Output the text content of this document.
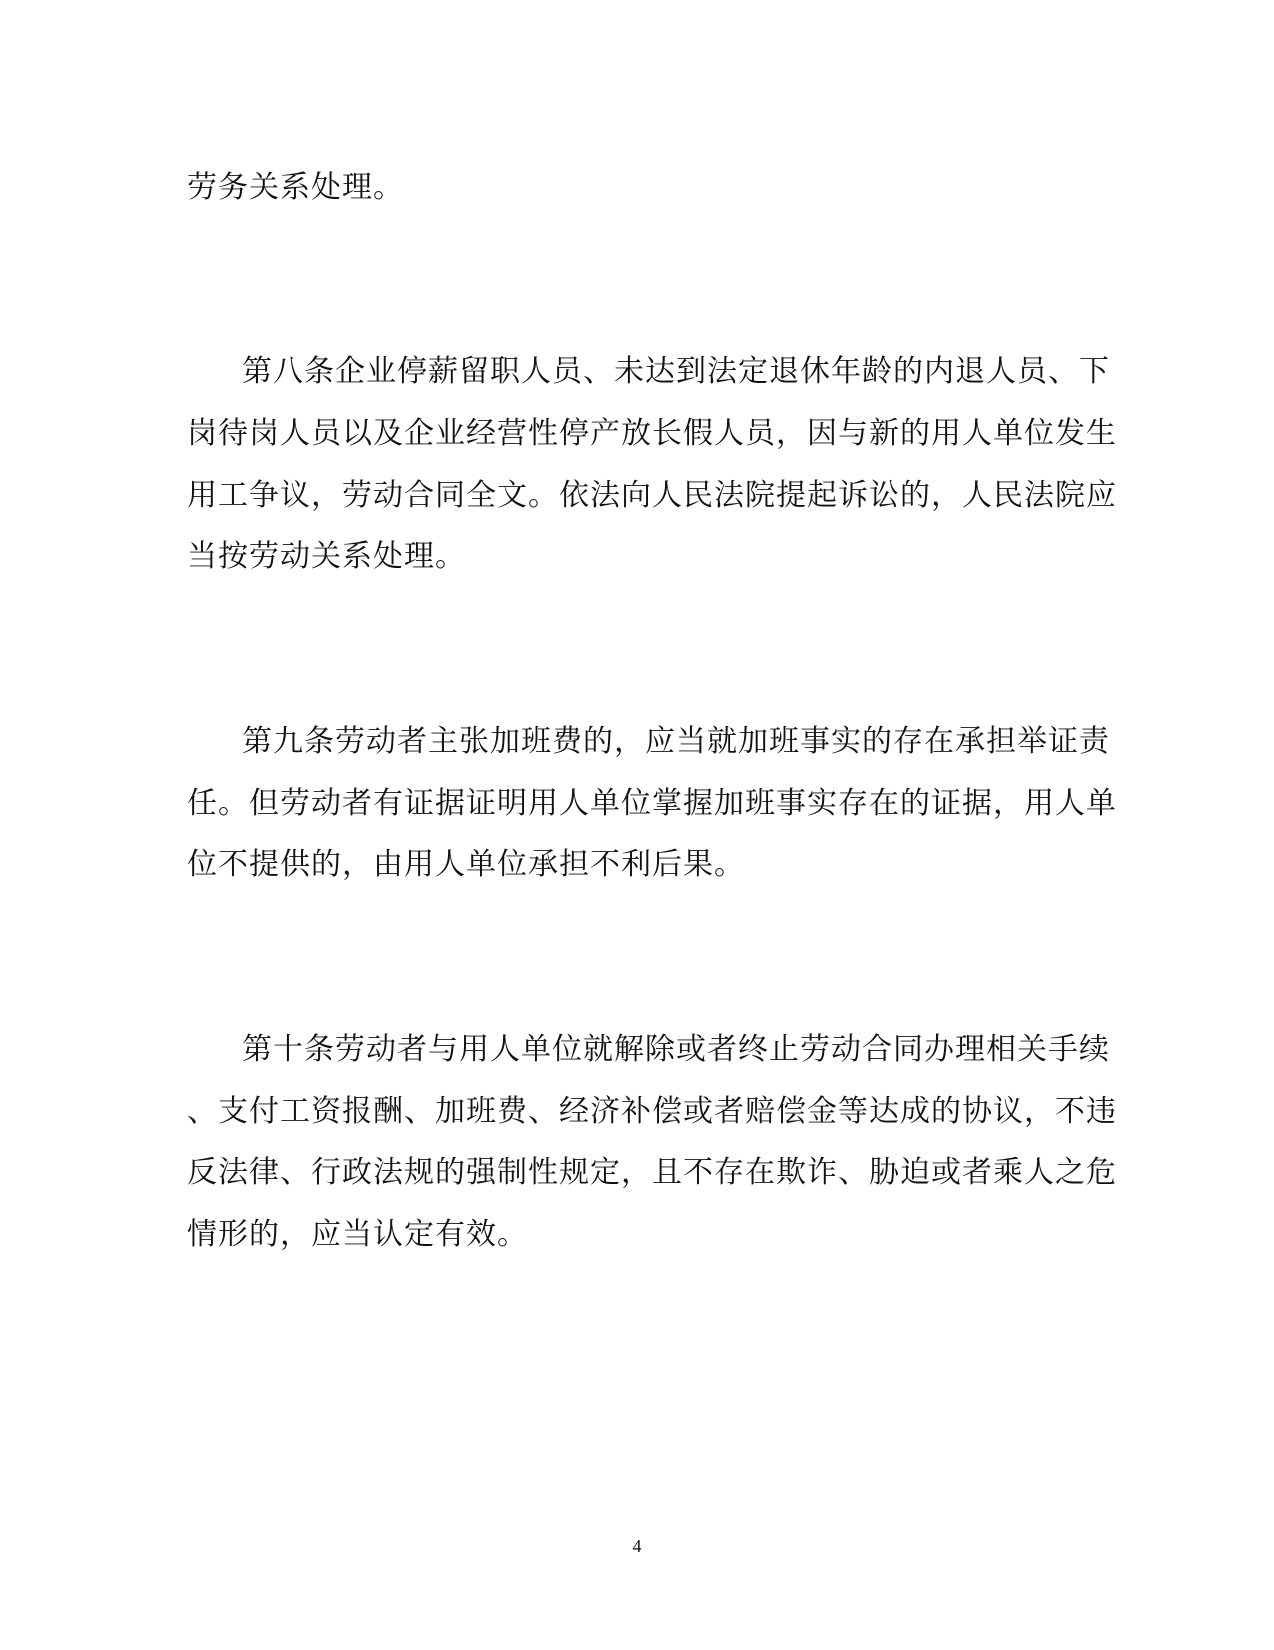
劳务关系处理。
第八条企业停薪留职人员、未达到法定退休年龄的内退人员、下
岗待岗人员以及企业经营性停产放长假人员，因与新的用人单位发生
用工争议，劳动合同全文。依法向人民法院提起诉讼的，人民法院应
当按劳动关系处理。
第九条劳动者主张加班费的，应当就加班事实的存在承担举证责
任。但劳动者有证据证明用人单位掌握加班事实存在的证据，用人单
位不提供的，由用人单位承担不利后果。
第十条劳动者与用人单位就解除或者终止劳动合同办理相关手续
、支付工资报酬、加班费、经济补偿或者赔偿金等达成的协议，不违
反法律、行政法规的强制性规定，且不存在欺诈、胁迫或者乘人之危
情形的，应当认定有效。
4
